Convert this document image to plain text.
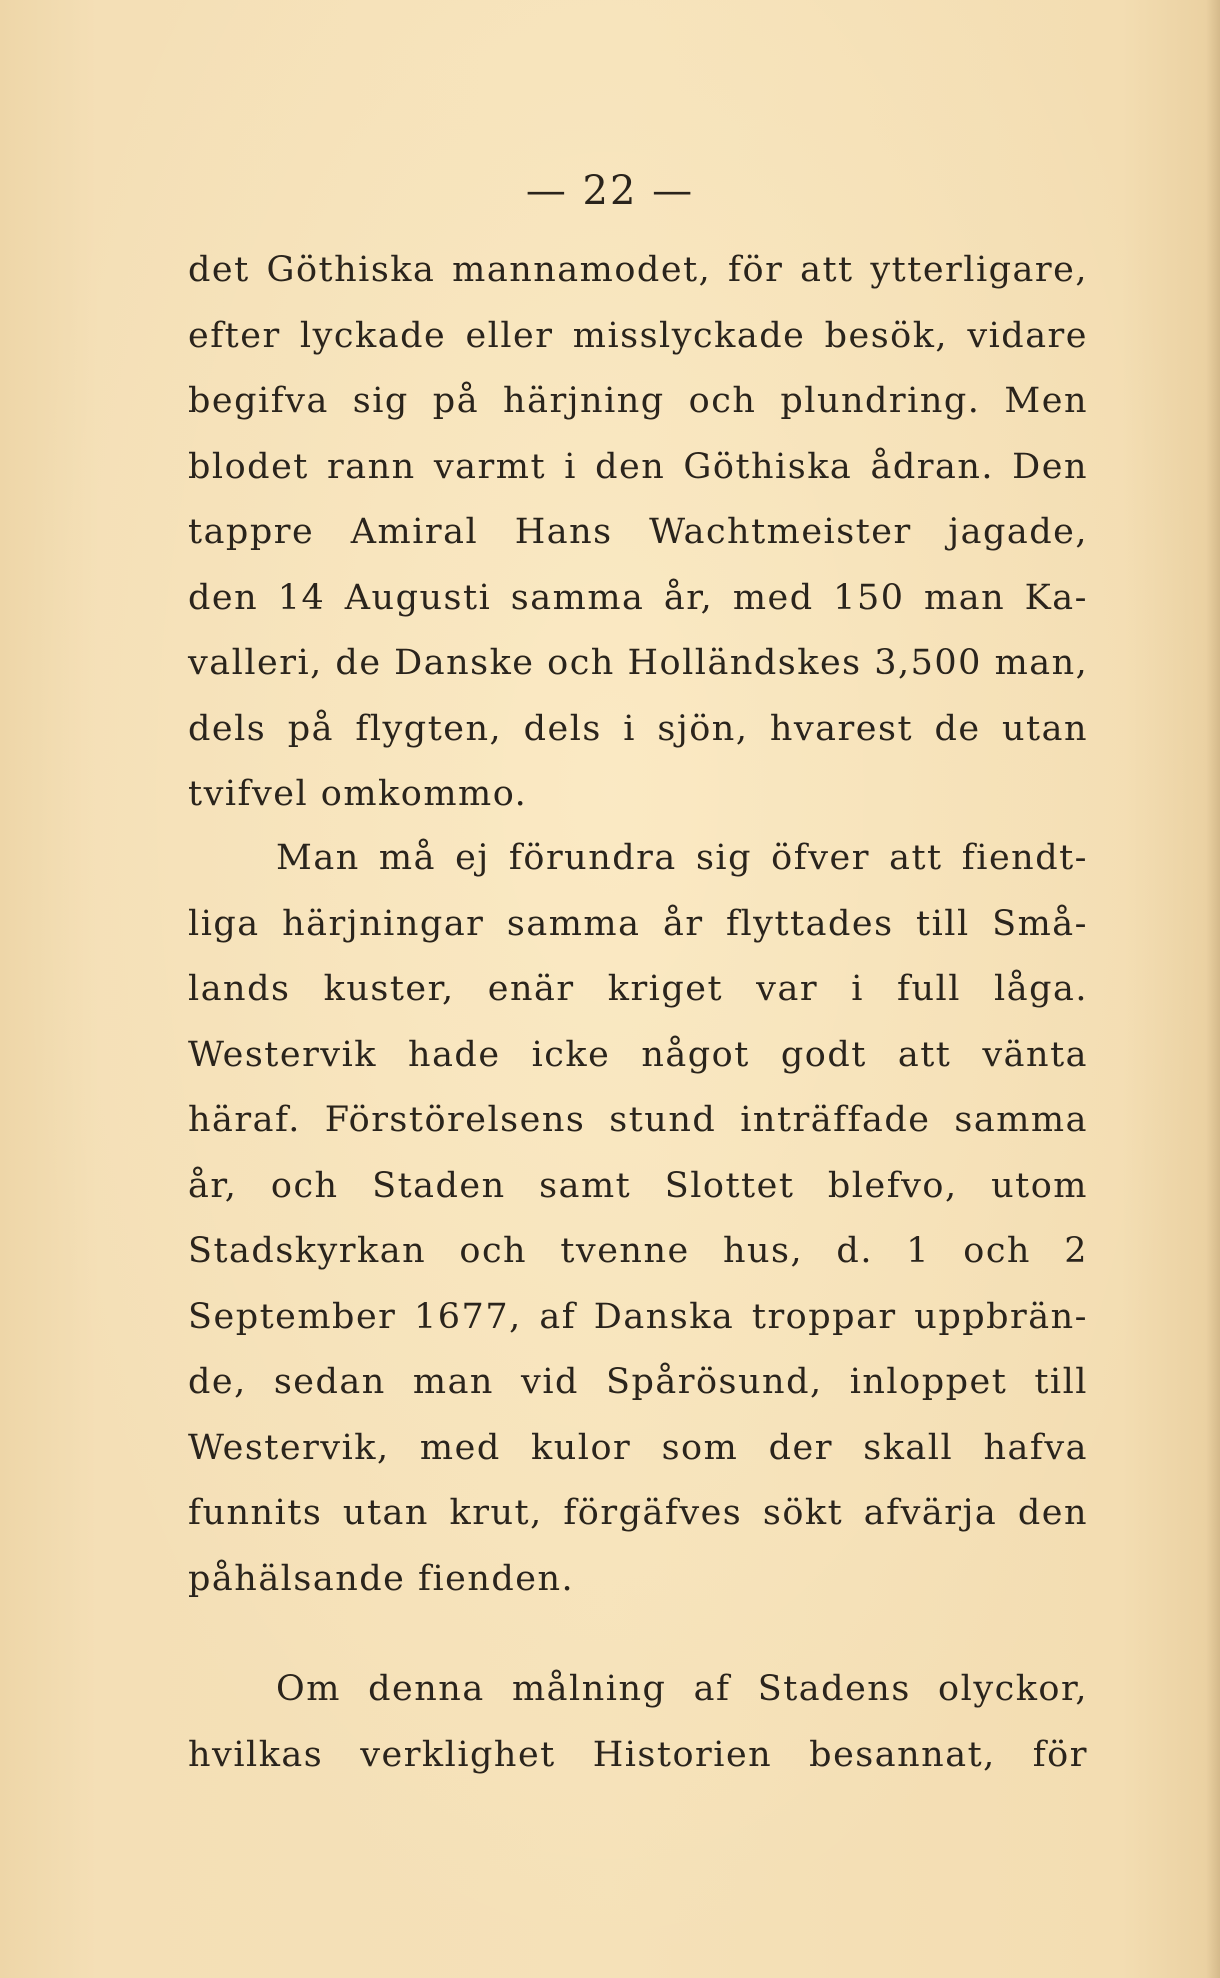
— 22 —
det Göthiska mannamodet, för att ytterligare,
efter lyckade eller misslyckade besök, vidare
begifva sig på härjning och plundring. Men
blodet rann varmt i den Göthiska ådran. Den
tappre Amiral Hans Wachtmeister jagade,
den 14 Augusti samma år, med 150 man Ka-
valleri, de Danske och Holländskes 3,500 man,
dels på flygten, dels i sjön, hvarest de utan
tvifvel omkommo.
Man må ej förundra sig öfver att fiendt-
liga härjningar samma år flyttades till Små-
lands kuster, enär kriget var i full låga.
Westervik hade icke något godt att vänta
häraf. Förstörelsens stund inträffade samma
år, och Staden samt Slottet blefvo, utom
Stadskyrkan och tvenne hus, d. 1 och 2
September 1677, af Danska troppar uppbrän-
de, sedan man vid Spårösund, inloppet till
Westervik, med kulor som der skall hafva
funnits utan krut, förgäfves sökt afvärja den
påhälsande fienden.
Om denna målning af Stadens olyckor,
hvilkas verklighet Historien besannat, för
